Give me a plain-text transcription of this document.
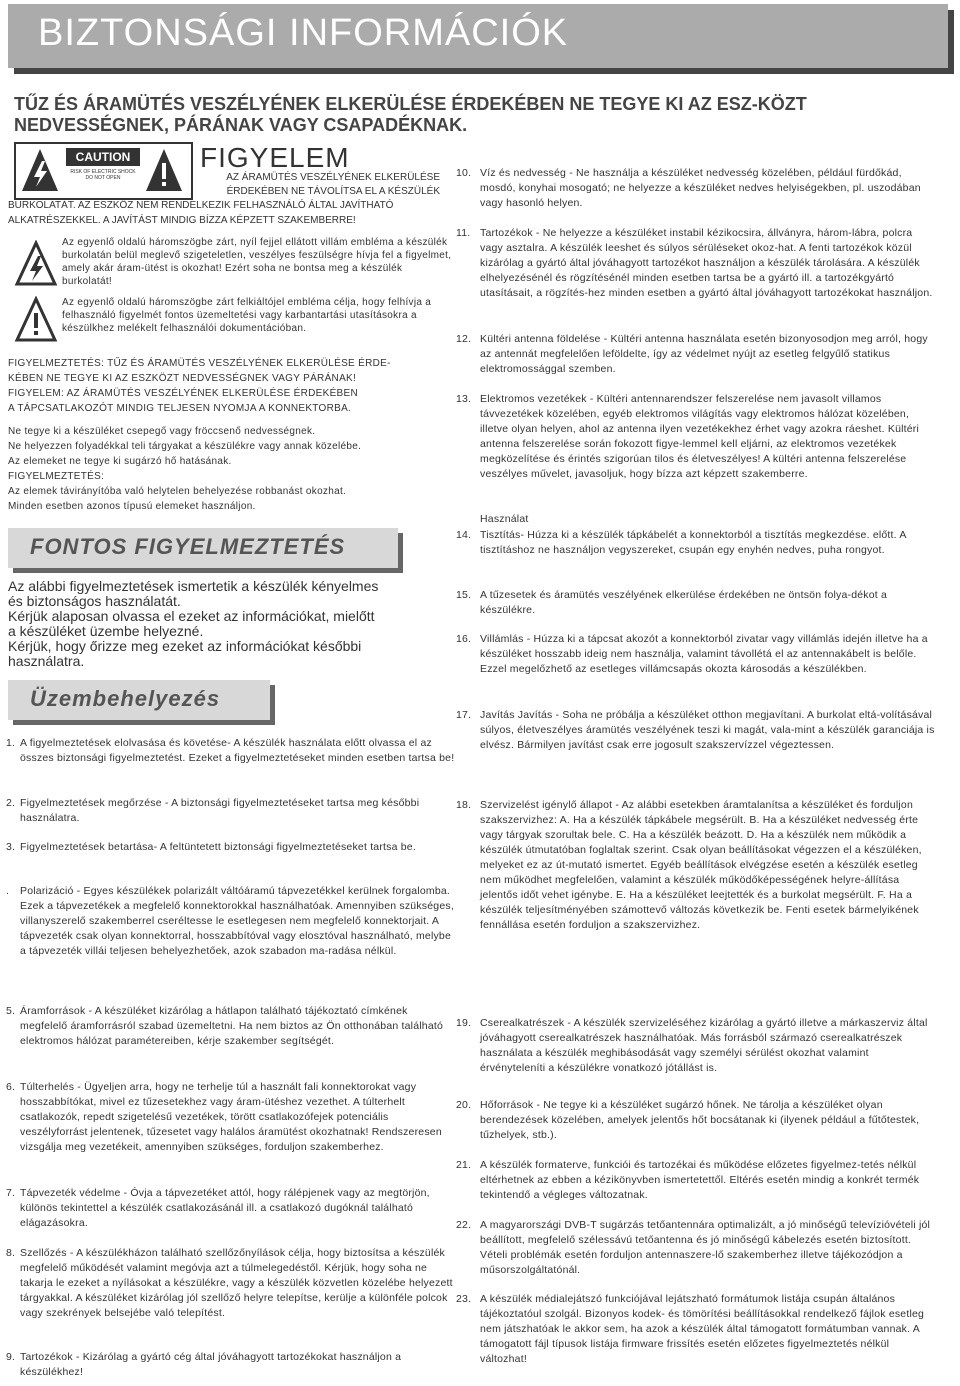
BIZTONSÁGI INFORMÁCIÓK
TŰZ ÉS ÁRAMÜTÉS VESZÉLYÉNEK ELKERÜLÉSE ÉRDEKÉBEN NE TEGYE KI AZ ESZ-KÖZT NEDVESSÉGNEK, PÁRÁNAK VAGY CSAPADÉKNAK.
CAUTION
RISK OF ELECTRIC SHOCK DO NOT OPEN
FIGYELEM
AZ ÁRAMÜTÉS VESZÉLYÉNEK ELKERÜLÉSE ÉRDEKÉBEN NE TÁVOLÍTSA EL A KÉSZÜLÉK
BURKOLATÁT. AZ ESZKÖZ NEM RENDELKEZIK FELHASZNÁLÓ ÁLTAL JAVÍTHATÓ ALKATRÉSZEKKEL. A JAVÍTÁST MINDIG BÍZZA KÉPZETT SZAKEMBERRE!
Az egyenlő oldalú háromszögbe zárt, nyíl fejjel ellátott villám embléma a készülék burkolatán belül meglevő szigeteletlen, veszélyes feszülségre hívja fel a figyelmet, amely akár áram-ütést is okozhat! Ezért soha ne bontsa meg a készülék burkolatát!
Az egyenlő oldalú háromszögbe zárt felkiáltójel embléma célja, hogy felhívja a felhasználó figyelmét fontos üzemeltetési vagy karbantartási utasításokra a készülkhez melékelt felhasználói dokumentációban.
FIGYELMEZTETÉS: TŰZ ÉS ÁRAMÜTÉS VESZÉLYÉNEK ELKERÜLÉSE ÉRDE-
KÉBEN NE TEGYE KI AZ ESZKÖZT NEDVESSÉGNEK VAGY PÁRÁNAK!
FIGYELEM: AZ ÁRAMÜTÉS VESZÉLYÉNEK ELKERÜLÉSE ÉRDEKÉBEN
A TÁPCSATLAKOZÓT MINDIG TELJESEN NYOMJA A KONNEKTORBA.
Ne tegye ki a készüléket csepegő vagy fröccsenő nedvességnek.
Ne helyezzen folyadékkal teli tárgyakat a készülékre vagy annak közelébe.
Az elemeket ne tegye ki sugárzó hő hatásának.
FIGYELMEZTETÉS:
Az elemek távirányítóba való helytelen behelyezése robbanást okozhat.
Minden esetben azonos típusú elemeket használjon.
FONTOS FIGYELMEZTETÉS
Az alábbi figyelmeztetések ismertetik a készülék kényelmes
és biztonságos használatát.
Kérjük alaposan olvassa el ezeket az információkat, mielőtt
a készüléket üzembe helyezné.
Kérjük, hogy őrizze meg ezeket az információkat későbbi
használatra.
Üzembehelyezés
1. A figyelmeztetések elolvasása és követése- A készülék használata előtt olvassa el az összes biztonsági figyelmeztetést. Ezeket a figyelmeztetéseket minden esetben tartsa be!
2. Figyelmeztetések megőrzése - A biztonsági figyelmeztetéseket tartsa meg későbbi használatra.
3. Figyelmeztetések betartása- A feltüntetett biztonsági figyelmeztetéseket tartsa be.
. Polarizáció - Egyes készülékek polarizált váltóáramú tápvezetékkel kerülnek forgalomba. Ezek a tápvezetékek a megfelelő konnektorokkal használhatóak. Amennyiben szükséges, villanyszerelő szakemberrel cseréltesse le esetlegesen nem megfelelő konnektorjait. A tápvezeték csak olyan konnektorral, hosszabbítóval vagy elosztóval használható, melybe a tápvezeték villái teljesen behelyezhetőek, azok szabadon ma-radása nélkül.
5. Áramforrások - A készüléket kizárólag a hátlapon található tájékoztató címkének megfelelő áramforrásról szabad üzemeltetni. Ha nem biztos az Ön otthonában található elektromos hálózat paramétereiben, kérje szakember segítségét.
6. Túlterhelés - Ügyeljen arra, hogy ne terhelje túl a használt fali konnektorokat vagy hosszabbítókat, mivel ez tűzesetekhez vagy áram-ütéshez vezethet. A túlterhelt csatlakozók, repedt szigetelésű vezetékek, törött csatlakozófejek potenciális veszélyforrást jelentenek, tűzesetet vagy halálos áramütést okozhatnak! Rendszeresen vizsgálja meg vezetékeit, amennyiben szükséges, forduljon szakemberhez.
7. Tápvezeték védelme - Óvja a tápvezetéket attól, hogy rálépjenek vagy az megtörjön, különös tekintettel a készülék csatlakozásánál ill. a csatlakozó dugóknál található elágazásokra.
8. Szellőzés - A készülékházon található szellőzőnyílások célja, hogy biztosítsa a készülék megfelelő működését valamint megóvja azt a túlmelegedéstől. Kérjük, hogy soha ne takarja le ezeket a nyílásokat a készülékre, vagy a készülék közvetlen közelébe helyezett tárgyakkal. A készüléket kizárólag jól szellőző helyre telepítse, kerülje a különféle polcok vagy szekrények belsejébe való telepítést.
9. Tartozékok - Kizárólag a gyártó cég által jóváhagyott tartozékokat használjon a készülékhez!
10. Víz és nedvesség - Ne használja a készüléket nedvesség közelében, például fürdőkád, mosdó, konyhai mosogató; ne helyezze a készüléket nedves helyiségekben, pl. uszodában vagy hasonló helyen.
11. Tartozékok - Ne helyezze a készüléket instabil kézikocsira, állványra, három-lábra, polcra vagy asztalra. A készülék leeshet és súlyos sérüléseket okoz-hat. A fenti tartozékok közül kizárólag a gyártó által jóváhagyott tartozékot használjon a készülék tárolására. A készülék elhelyezésénél és rögzítésénél minden esetben tartsa be a gyártó ill. a tartozékgyártó utasításait, a rögzítés-hez minden esetben a gyártó által jóváhagyott tartozékokat használjon.
12. Kültéri antenna földelése - Kültéri antenna használata esetén bizonyosodjon meg arról, hogy az antennát megfelelően leföldelte, így az védelmet nyújt az esetleg felgyűlő statikus elektromossággal szemben.
13. Elektromos vezetékek - Kültéri antennarendszer felszerelése nem javasolt villamos távvezetékek közelében, egyéb elektromos világítás vagy elektromos hálózat közelében, illetve olyan helyen, ahol az antenna ilyen vezetékekhez érhet vagy azokra ráeshet. Kültéri antenna felszerelése során fokozott figye-lemmel kell eljárni, az elektromos vezetékek megközelítése és érintés szigorúan tilos és életveszélyes! A kültéri antenna felszerelése veszélyes művelet, javasoljuk, hogy bízza azt képzett szakemberre.
Használat
14. Tisztítás- Húzza ki a készülék tápkábelét a konnektorból a tisztítás megkezdése. előtt. A tisztításhoz ne használjon vegyszereket, csupán egy enyhén nedves, puha rongyot.
15. A tűzesetek és áramütés veszélyének elkerülése érdekében ne öntsön folya-dékot a készülékre.
16. Villámlás - Húzza ki a tápcsat akozót a konnektorból zivatar vagy villámlás idején illetve ha a készüléket hosszabb ideig nem használja, valamint távollétá el az antennakábelt is belőle. Ezzel megelőzhető az esetleges villámcsapás okozta károsodás a készülékben.
17. Javítás Javítás - Soha ne próbálja a készüléket otthon megjavítani. A burkolat eltá-volításával súlyos, életveszélyes áramütés veszélyének teszi ki magát, vala-mint a készülék garanciája is elvész. Bármilyen javítást csak erre jogosult szakszervízzel végeztessen.
18. Szervizelést igénylő állapot - Az alábbi esetekben áramtalanítsa a készüléket és forduljon szakszervizhez: A. Ha a készülék tápkábele megsérült. B. Ha a készüléket nedvesség érte vagy tárgyak szorultak bele. C. Ha a készülék beázott. D. Ha a készülék nem működik a készülék útmutatóban foglaltak szerint. Csak olyan beállításokat végezzen el a készüléken, melyeket ez az út-mutató ismertet. Egyéb beállítások elvégzése esetén a készülék esetleg nem működhet megfelelően, valamint a készülék működőképességének helyre-állítása jelentős időt vehet igénybe. E. Ha a készüléket leejtették és a burkolat megsérült. F. Ha a készülék teljesítményében számottevő változás következik be. Fenti esetek bármelyikének fennállása esetén forduljon a szakszervizhez.
19. Cserealkatrészek - A készülék szervizeléséhez kizárólag a gyártó illetve a márkaszerviz által jóváhagyott cserealkatrészek használhatóak. Más forrásból származó cserealkatrészek használata a készülék meghibásodását vagy személyi sérülést okozhat valamint érvényteleníti a készülékre vonatkozó jótállást is.
20. Hőforrások - Ne tegye ki a készüléket sugárzó hőnek. Ne tárolja a készüléket olyan berendezések közelében, amelyek jelentős hőt bocsátanak ki (ilyenek például a fűtőtestek, tűzhelyek, stb.).
21. A készülék formaterve, funkciói és tartozékai és működése előzetes figyelmez-tetés nélkül eltérhetnek az ebben a kézikönyvben ismertetettől. Eltérés esetén mindig a konkrét termék tekintendő a végleges változatnak.
22. A magyarországi DVB-T sugárzás tetőantennára optimalizált, a jó minőségű televízióvételi jól beállított, megfelelő szélessávú tetőantenna és jó minőségű kábelezés esetén biztosított. Vételi problémák esetén forduljon antennaszere-lő szakemberhez illetve tájékozódjon a műsorszolgáltatónál.
23. A készülék médialejátszó funkciójával lejátszható formátumok listája csupán általános tájékoztatóul szolgál. Bizonyos kodek- és tömörítési beállításokkal rendelkező fájlok esetleg nem játszhatóak le akkor sem, ha azok a készülék által támogatott formátumban vannak. A támogatott fájl típusok listája firmware frissítés esetén előzetes figyelmeztetés nélkül változhat!
